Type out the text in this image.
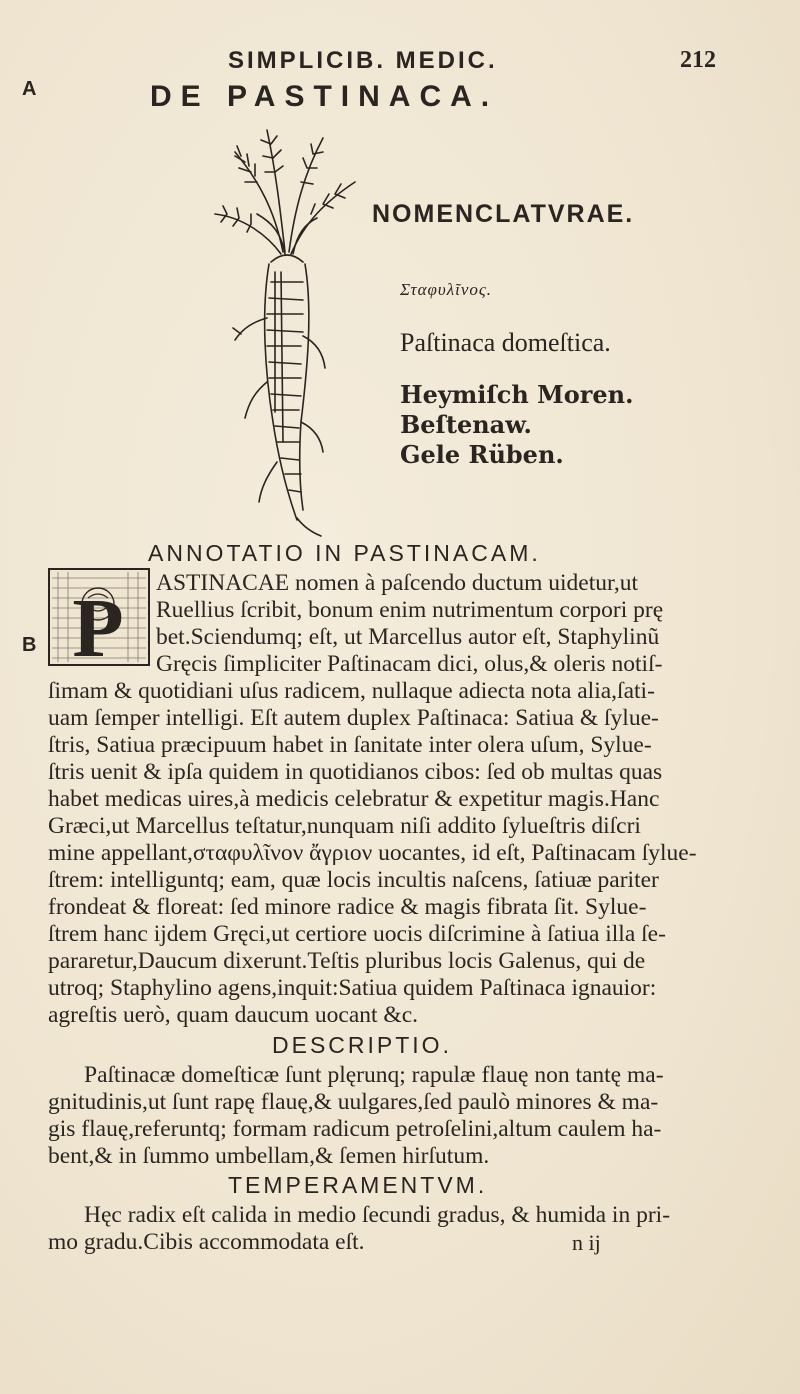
A
B
SIMPLICIB. MEDIC.	212
DE PASTINACA.
NOMENCLATVRAE.
Σταφυλῖνος.
Paſtinaca domeſtica.
Heymiſch Moren.
Beſtenaw.
Gele Rüben.
ANNOTATIO IN PASTINACAM.
P ASTINACAE nomen à paſcendo ductum uidetur,ut
Ruellius ſcribit, bonum enim nutrimentum corpori prę
bet.Sciendumq; eſt, ut Marcellus autor eſt, Staphylinũ
Gręcis ſimpliciter Paſtinacam dici, olus,& oleris notiſ-
ſimam & quotidiani uſus radicem, nullaque adiecta nota alia,ſati-
uam ſemper intelligi. Eſt autem duplex Paſtinaca: Satiua & ſylue-
ſtris, Satiua præcipuum habet in ſanitate inter olera uſum, Sylue-
ſtris uenit & ipſa quidem in quotidianos cibos: ſed ob multas quas
habet medicas uires,à medicis celebratur & expetitur magis.Hanc
Græci,ut Marcellus teſtatur,nunquam niſi addito ſylueſtris diſcri
mine appellant,σταφυλῖνον ἄγριον uocantes, id eſt, Paſtinacam ſylue-
ſtrem: intelliguntq; eam, quæ locis incultis naſcens, ſatiuæ pariter
frondeat & floreat: ſed minore radice & magis fibrata ſit. Sylue-
ſtrem hanc ijdem Gręci,ut certiore uocis diſcrimine à ſatiua illa ſe-
pararetur,Daucum dixerunt.Teſtis pluribus locis Galenus, qui de
utroq; Staphylino agens,inquit:Satiua quidem Paſtinaca ignauior:
agreſtis uerò, quam daucum uocant &c.
DESCRIPTIO.
Paſtinacæ domeſticæ ſunt plęrunq; rapulæ flauę non tantę ma-
gnitudinis,ut ſunt rapę flauę,& uulgares,ſed paulò minores & ma-
gis flauę,referuntq; formam radicum petroſelini,altum caulem ha-
bent,& in ſummo umbellam,& ſemen hirſutum.
TEMPERAMENTVM.
Hęc radix eſt calida in medio ſecundi gradus, & humida in pri-
mo gradu.Cibis accommodata eſt.	n ij
